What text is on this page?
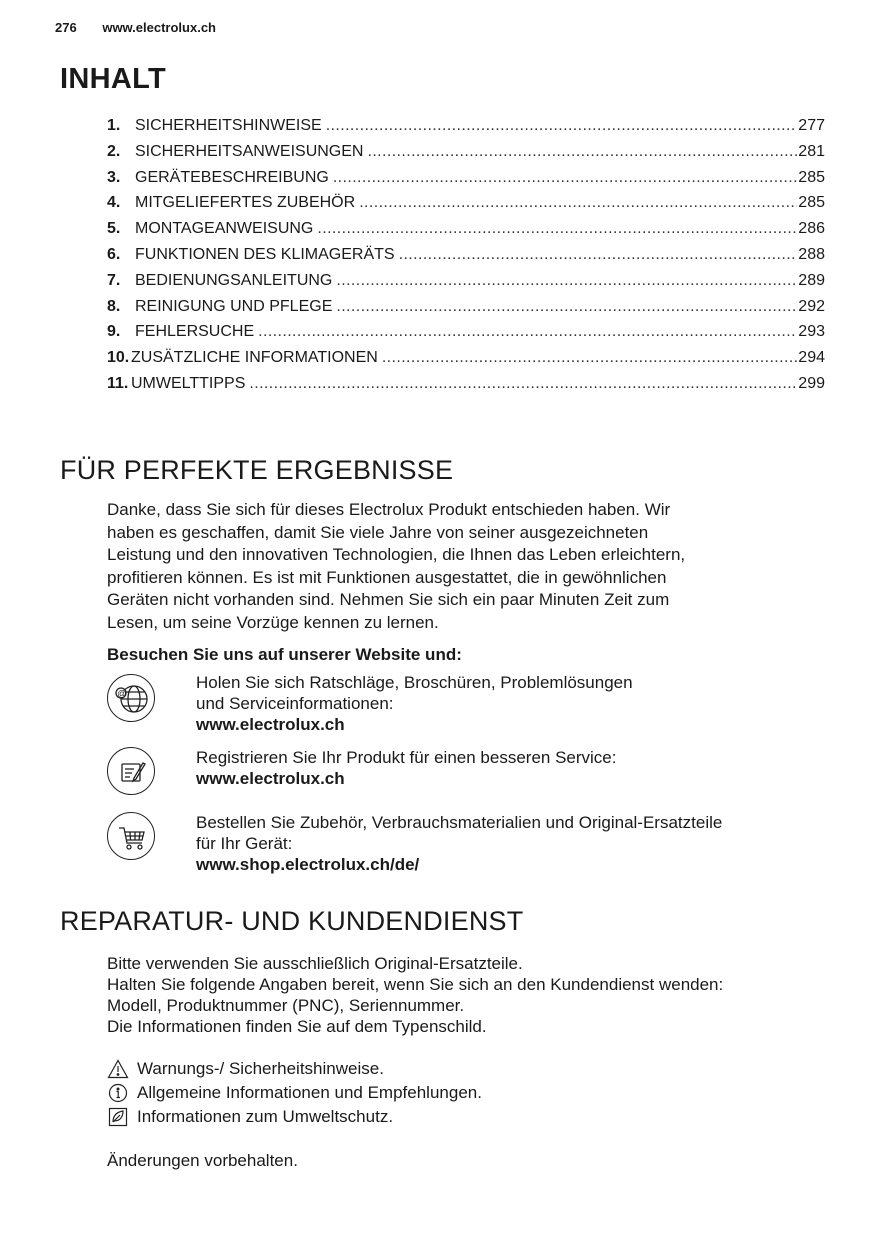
276 www.electrolux.ch
INHALT
1. SICHERHEITSHINWEISE .....	277
2. SICHERHEITSANWEISUNGEN .....	281
3. GERÄTEBESCHREIBUNG .....	285
4. MITGELIEFERTES ZUBEHÖR .....	285
5. MONTAGEANWEISUNG .....	286
6. FUNKTIONEN DES KLIMAGERÄTS .....	288
7. BEDIENUNGSANLEITUNG .....	289
8. REINIGUNG UND PFLEGE .....	292
9. FEHLERSUCHE .....	293
10. ZUSÄTZLICHE INFORMATIONEN .....	294
11. UMWELTTIPPS .....	299
FÜR PERFEKTE ERGEBNISSE
Danke, dass Sie sich für dieses Electrolux Produkt entschieden haben. Wir
haben es geschaffen, damit Sie viele Jahre von seiner ausgezeichneten
Leistung und den innovativen Technologien, die Ihnen das Leben erleichtern,
profitieren können. Es ist mit Funktionen ausgestattet, die in gewöhnlichen
Geräten nicht vorhanden sind. Nehmen Sie sich ein paar Minuten Zeit zum
Lesen, um seine Vorzüge kennen zu lernen.
Besuchen Sie uns auf unserer Website und:
@
Holen Sie sich Ratschläge, Broschüren, Problemlösungen
und Serviceinformationen:
www.electrolux.ch
Registrieren Sie Ihr Produkt für einen besseren Service:
www.electrolux.ch
Bestellen Sie Zubehör, Verbrauchsmaterialien und Original-Ersatzteile
für Ihr Gerät:
www.shop.electrolux.ch/de/
REPARATUR- UND KUNDENDIENST
Bitte verwenden Sie ausschließlich Original-Ersatzteile.
Halten Sie folgende Angaben bereit, wenn Sie sich an den Kundendienst wenden:
Modell, Produktnummer (PNC), Seriennummer.
Die Informationen finden Sie auf dem Typenschild.
Warnungs-/ Sicherheitshinweise.
Allgemeine Informationen und Empfehlungen.
Informationen zum Umweltschutz.
Änderungen vorbehalten.
